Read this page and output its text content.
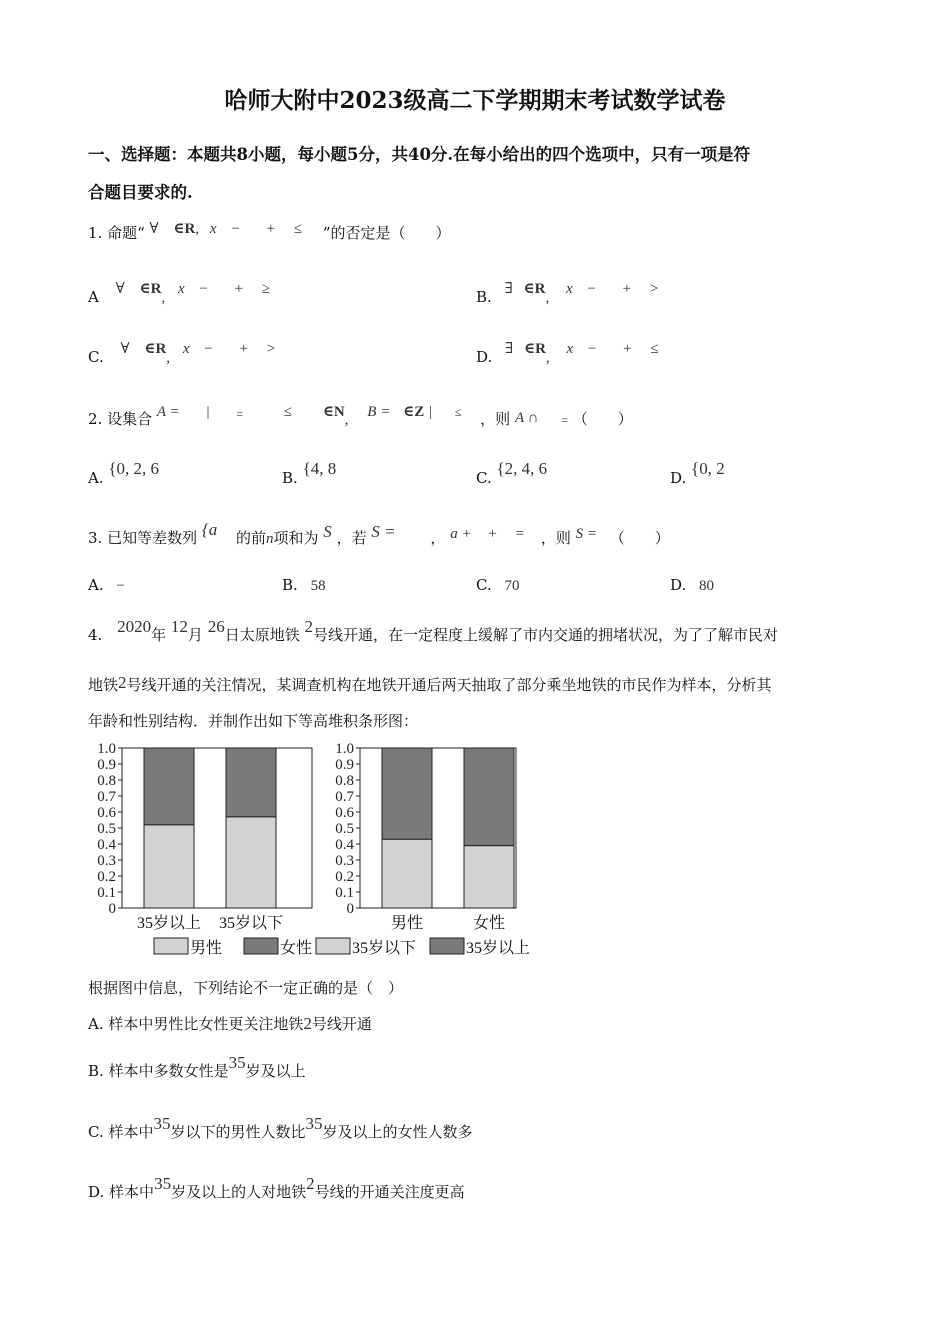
哈师大附中2023级高二下学期期末考试数学试卷
一、选择题：本题共8小题，每小题5分，共40分.在每小给出的四个选项中，只有一项是符
合题目要求的.
1. 命题“ ∀ ∈R, x − + ≤ ”的否定是（　　）
A ∀ ∈R, x − + ≥	B. ∃ ∈R, x − + >
C. ∀ ∈R, x − + >	D. ∃ ∈R, x − + ≤
2. 设集合 A = | =	≤ ∈N, B = ∈Z | ≤ ，则 A ∩ = （　　）
A. {0, 2, 6	B. {4, 8	C. {2, 4, 6	D. {0, 2
3. 已知等差数列 {a 的前n项和为 S ，若 S = ， a + + = ，则 S = （　　）
A. −	B. 58	C. 70	D. 80
4. 2020年 12月 26日太原地铁 2号线开通，在一定程度上缓解了市内交通的拥堵状况，为了了解市民对
地铁2号线开通的关注情况，某调查机构在地铁开通后两天抽取了部分乘坐地铁的市民作为样本，分析其
年龄和性别结构．并制作出如下等高堆积条形图：
0
0.1
0.2
0.3
0.4
0.5
0.6
0.7
0.8
0.9
1.0
35岁以上 35岁以下
男性	女性
0
0.1
0.2
0.3
0.4
0.5
0.6
0.7
0.8
0.9
1.0
男性	女性
35岁以下	35岁以上
根据图中信息，下列结论不一定正确的是（　）
A. 样本中男性比女性更关注地铁2号线开通
B. 样本中多数女性是35岁及以上
C. 样本中35岁以下的男性人数比35岁及以上的女性人数多
D. 样本中35岁及以上的人对地铁2号线的开通关注度更高
